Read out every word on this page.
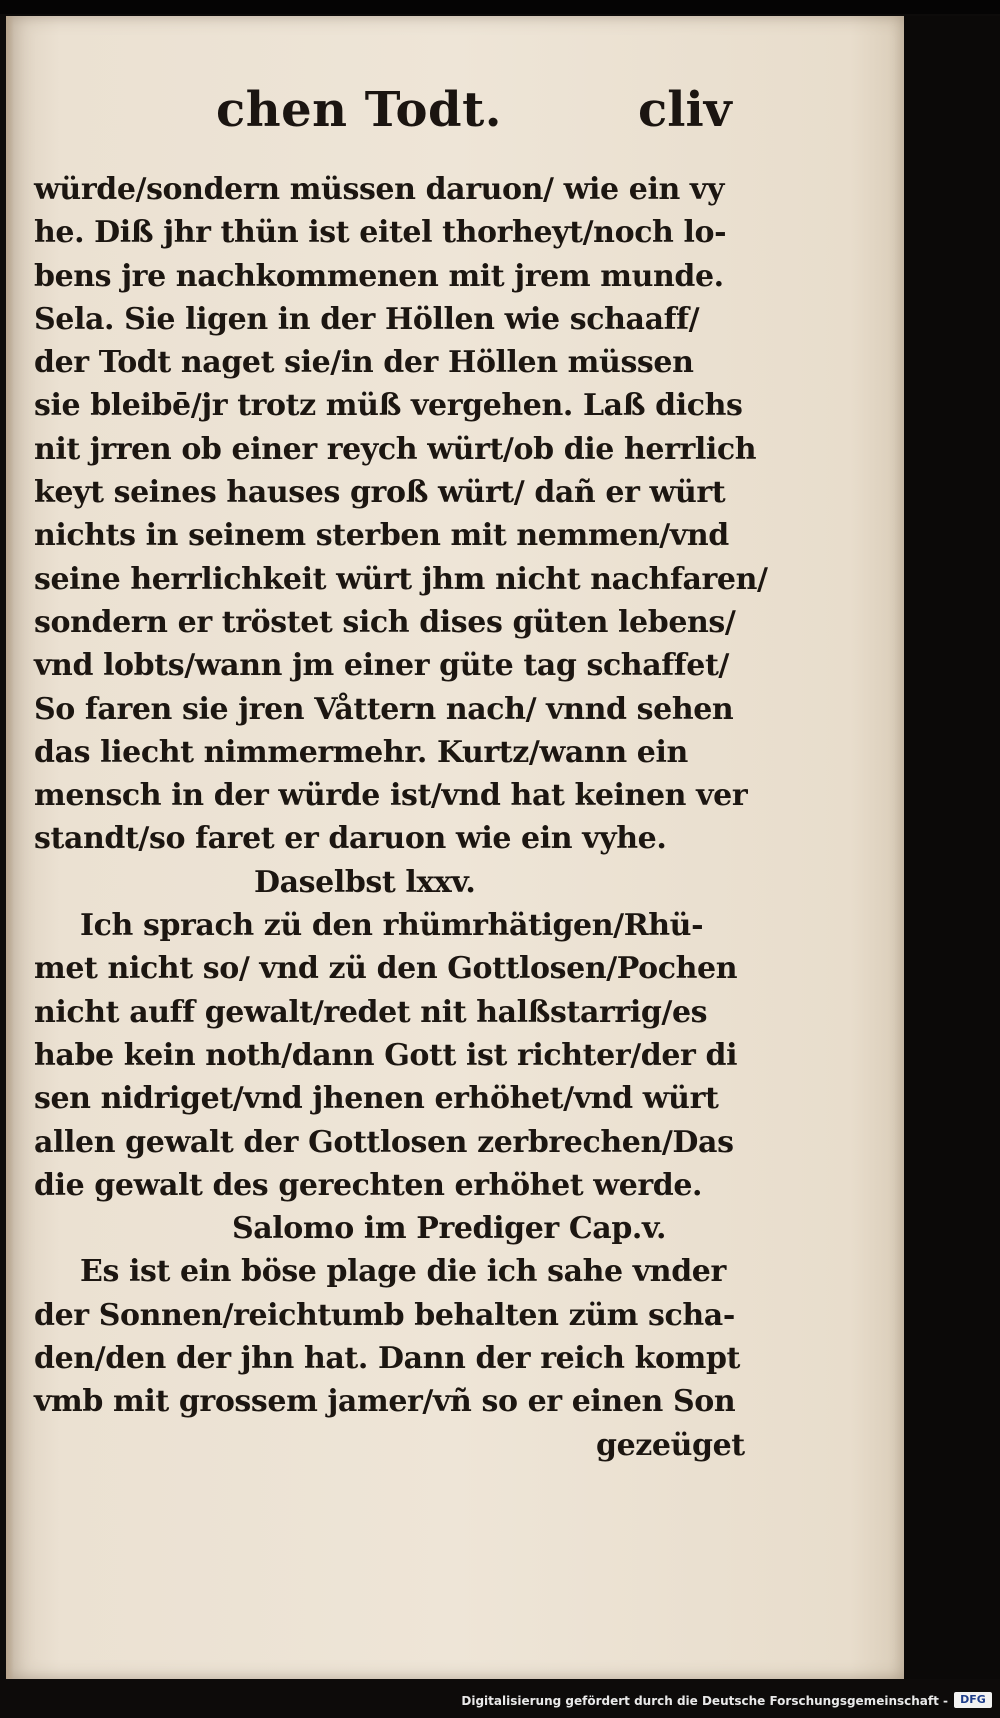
chen Todt.	cliv
würde/sondern müssen daruon/ wie ein vy
he. Diß jhr thün ist eitel thorheyt/noch lo-
bens jre nachkommenen mit jrem munde.
Sela. Sie ligen in der Höllen wie schaaff/
der Todt naget sie/in der Höllen müssen
sie bleibē/jr trotz müß vergehen. Laß dichs
nit jrren ob einer reych würt/ob die herrlich
keyt seines hauses groß würt/ dañ er würt
nichts in seinem sterben mit nemmen/vnd
seine herrlichkeit würt jhm nicht nachfaren/
sondern er tröstet sich dises güten lebens/
vnd lobts/wann jm einer güte tag schaffet/
So faren sie jren Våttern nach/ vnnd sehen
das liecht nimmermehr. Kurtz/wann ein
mensch in der würde ist/vnd hat keinen ver
standt/so faret er daruon wie ein vyhe.
Daselbst lxxv.
Ich sprach zü den rhümrhätigen/Rhü-
met nicht so/ vnd zü den Gottlosen/Pochen
nicht auff gewalt/redet nit halßstarrig/es
habe kein noth/dann Gott ist richter/der di
sen nidriget/vnd jhenen erhöhet/vnd würt
allen gewalt der Gottlosen zerbrechen/Das
die gewalt des gerechten erhöhet werde.
Salomo im Prediger Cap.v.
Es ist ein böse plage die ich sahe vnder
der Sonnen/reichtumb behalten züm scha-
den/den der jhn hat. Dann der reich kompt
vmb mit grossem jamer/vñ so er einen Son
gezeüget
Digitalisierung gefördert durch die Deutsche Forschungsgemeinschaft -	DFG
